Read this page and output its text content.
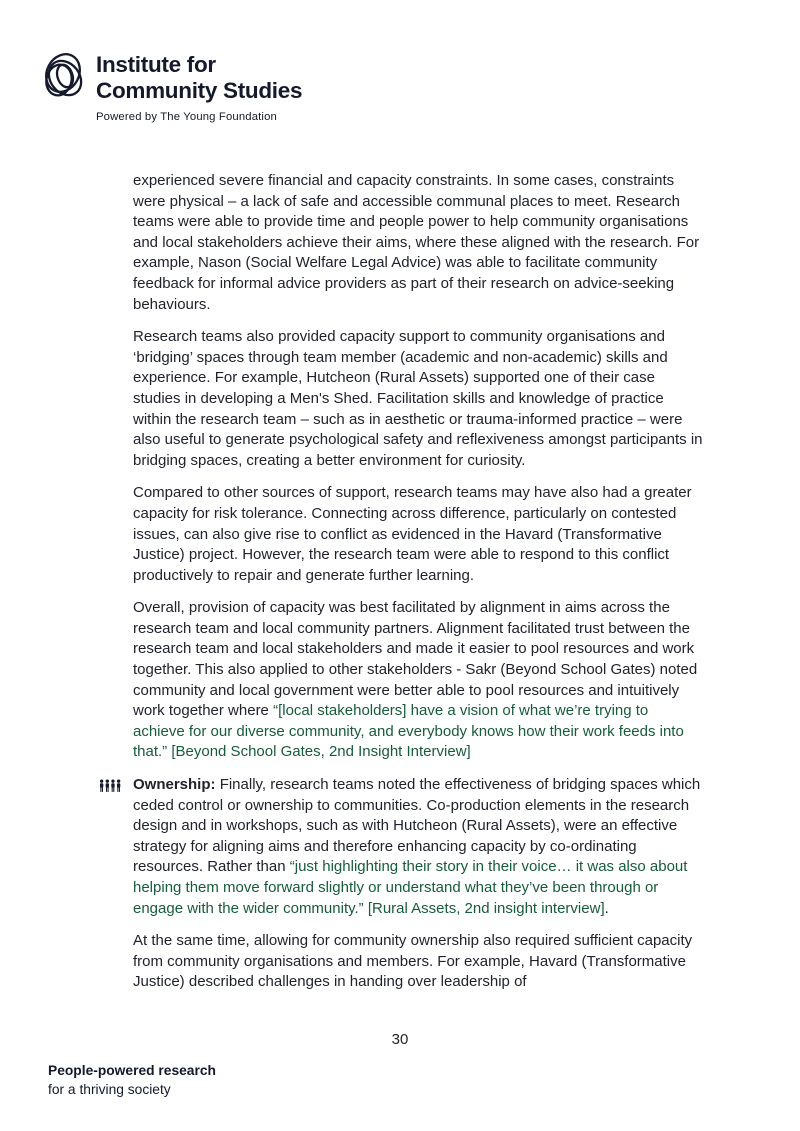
Institute for
Community Studies
Powered by The Young Foundation

experienced severe financial and capacity constraints. In some cases, constraints were physical – a lack of safe and accessible communal places to meet. Research teams were able to provide time and people power to help community organisations and local stakeholders achieve their aims, where these aligned with the research. For example, Nason (Social Welfare Legal Advice) was able to facilitate community feedback for informal advice providers as part of their research on advice-seeking behaviours.

Research teams also provided capacity support to community organisations and ‘bridging’ spaces through team member (academic and non-academic) skills and experience. For example, Hutcheon (Rural Assets) supported one of their case studies in developing a Men's Shed. Facilitation skills and knowledge of practice within the research team – such as in aesthetic or trauma-informed practice – were also useful to generate psychological safety and reflexiveness amongst participants in bridging spaces, creating a better environment for curiosity.

Compared to other sources of support, research teams may have also had a greater capacity for risk tolerance. Connecting across difference, particularly on contested issues, can also give rise to conflict as evidenced in the Havard (Transformative Justice) project. However, the research team were able to respond to this conflict productively to repair and generate further learning.

Overall, provision of capacity was best facilitated by alignment in aims across the research team and local community partners. Alignment facilitated trust between the research team and local stakeholders and made it easier to pool resources and work together. This also applied to other stakeholders - Sakr (Beyond School Gates) noted community and local government were better able to pool resources and intuitively work together where “[local stakeholders] have a vision of what we’re trying to achieve for our diverse community, and everybody knows how their work feeds into that.” [Beyond School Gates, 2nd Insight Interview]

Ownership: Finally, research teams noted the effectiveness of bridging spaces which ceded control or ownership to communities. Co-production elements in the research design and in workshops, such as with Hutcheon (Rural Assets), were an effective strategy for aligning aims and therefore enhancing capacity by co-ordinating resources. Rather than “just highlighting their story in their voice… it was also about helping them move forward slightly or understand what they’ve been through or engage with the wider community.” [Rural Assets, 2nd insight interview].

At the same time, allowing for community ownership also required sufficient capacity from community organisations and members. For example, Havard (Transformative Justice) described challenges in handing over leadership of

30
People-powered research
for a thriving society
